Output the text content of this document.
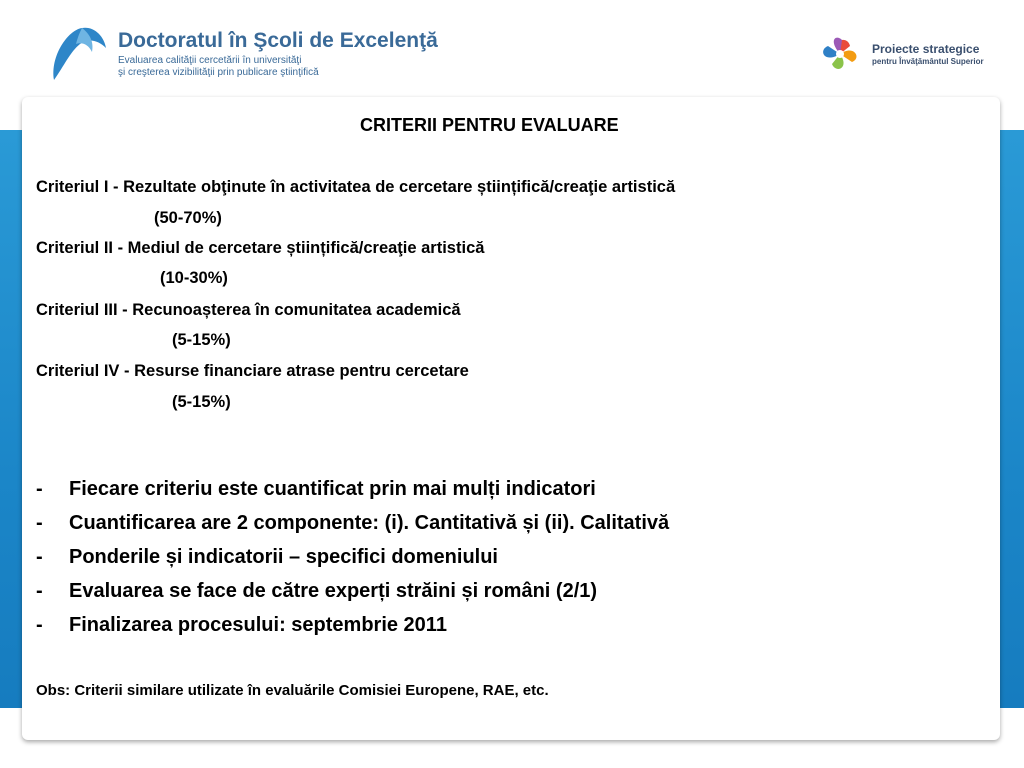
Doctoratul în Şcoli de Excelenţă
Evaluarea calităţii cercetării în universităţi
şi creşterea vizibilităţii prin publicare ştiinţifică
Proiecte strategice
pentru Învăţământul Superior
CRITERII PENTRU EVALUARE
Criteriul I - Rezultate obţinute în activitatea de cercetare științifică/creaţie artistică
(50-70%)
Criteriul II - Mediul de cercetare științifică/creaţie artistică
(10-30%)
Criteriul III - Recunoașterea în comunitatea academică
(5-15%)
Criteriul IV - Resurse financiare atrase pentru cercetare
(5-15%)
- Fiecare criteriu este cuantificat prin mai mulți indicatori
- Cuantificarea are 2 componente: (i). Cantitativă și (ii). Calitativă
- Ponderile și indicatorii – specifici domeniului
- Evaluarea se face de către experți străini și români (2/1)
- Finalizarea procesului: septembrie 2011
Obs: Criterii similare utilizate în evaluările Comisiei Europene, RAE, etc.
